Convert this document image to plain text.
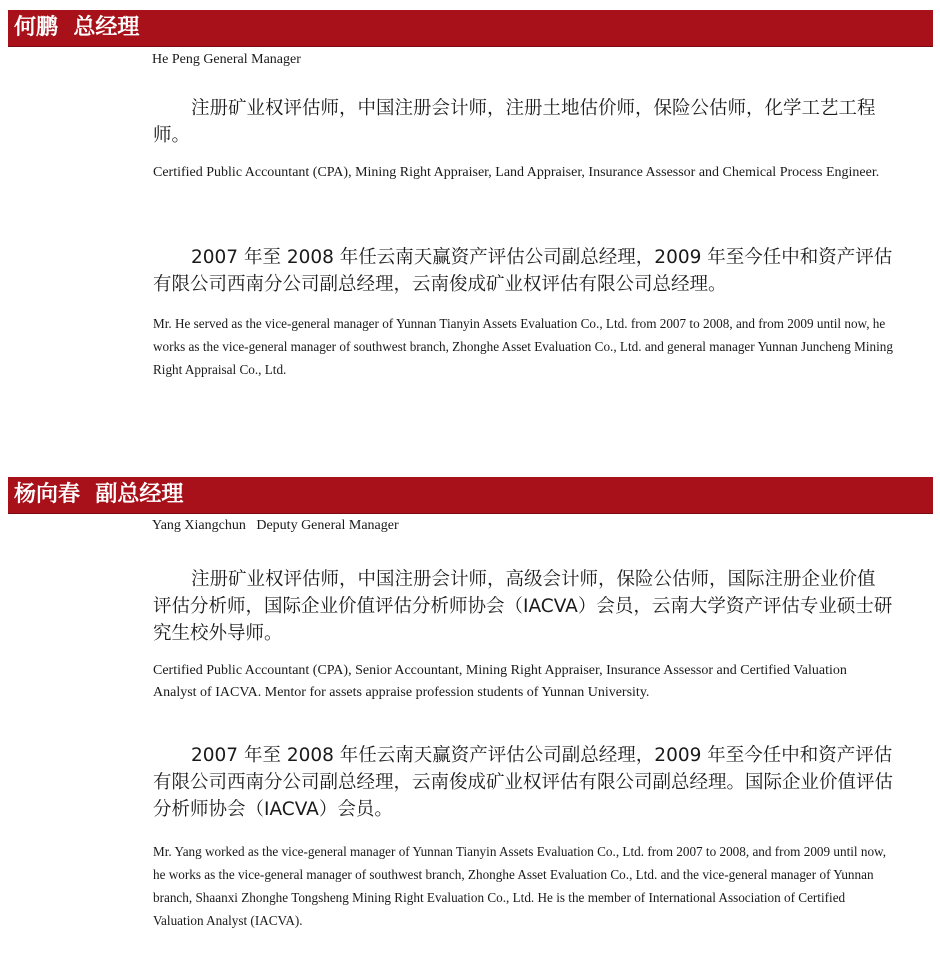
何鹏  总经理
He Peng General Manager

注册矿业权评估师，中国注册会计师，注册土地估价师，保险公估师，化学工艺工程师。

Certified Public Accountant (CPA), Mining Right Appraiser, Land Appraiser, Insurance Assessor and Chemical Process Engineer.

2007 年至 2008 年任云南天赢资产评估公司副总经理，2009 年至今任中和资产评估有限公司西南分公司副总经理，云南俊成矿业权评估有限公司总经理。

Mr. He served as the vice-general manager of Yunnan Tianyin Assets Evaluation Co., Ltd. from 2007 to 2008, and from 2009 until now, he works as the vice-general manager of southwest branch, Zhonghe Asset Evaluation Co., Ltd. and general manager Yunnan Juncheng Mining Right Appraisal Co., Ltd.

杨向春  副总经理
Yang Xiangchun   Deputy General Manager

注册矿业权评估师，中国注册会计师，高级会计师，保险公估师，国际注册企业价值评估分析师，国际企业价值评估分析师协会（IACVA）会员，云南大学资产评估专业硕士研究生校外导师。

Certified Public Accountant (CPA), Senior Accountant, Mining Right Appraiser, Insurance Assessor and Certified Valuation Analyst of IACVA. Mentor for assets appraise profession students of Yunnan University.

2007 年至 2008 年任云南天赢资产评估公司副总经理，2009 年至今任中和资产评估有限公司西南分公司副总经理，云南俊成矿业权评估有限公司副总经理。国际企业价值评估分析师协会（IACVA）会员。

Mr. Yang worked as the vice-general manager of Yunnan Tianyin Assets Evaluation Co., Ltd. from 2007 to 2008, and from 2009 until now, he works as the vice-general manager of southwest branch, Zhonghe Asset Evaluation Co., Ltd. and the vice-general manager of Yunnan branch, Shaanxi Zhonghe Tongsheng Mining Right Evaluation Co., Ltd. He is the member of International Association of Certified Valuation Analyst (IACVA).
